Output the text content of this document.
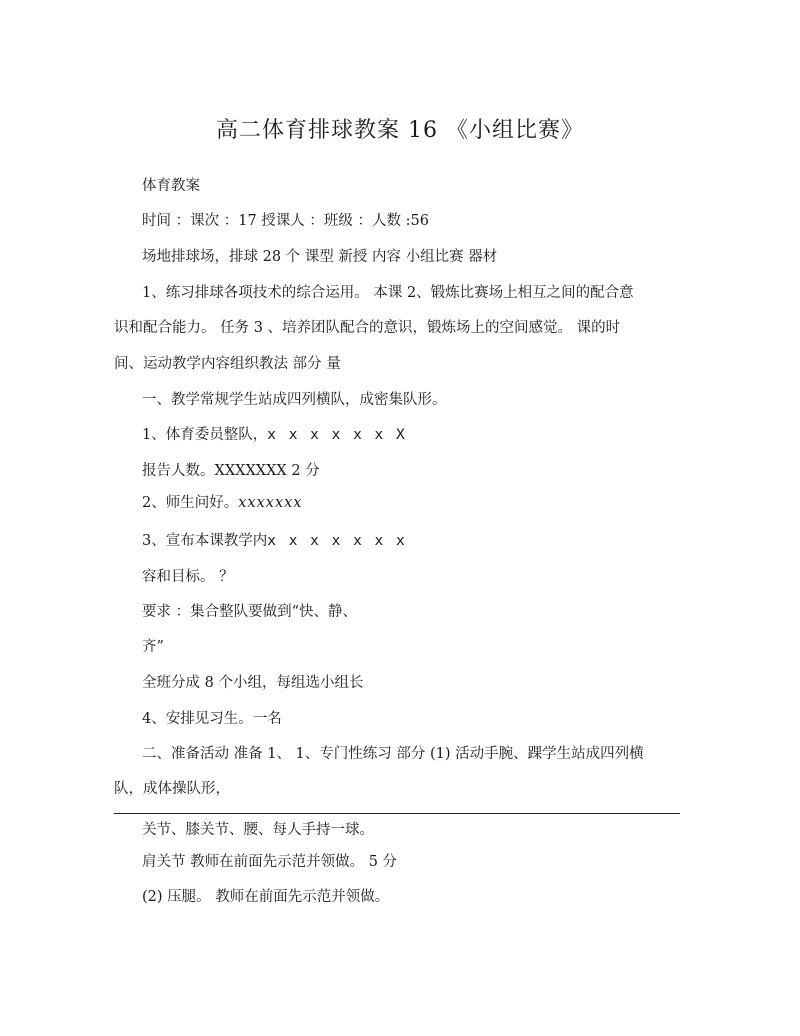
高二体育排球教案 16 《小组比赛》
体育教案
时间 ：课次 ：17 授课人 ：班级 ：人数 :56
场地排球场，排球 28 个 课型 新授 内容 小组比赛 器材
1、练习排球各项技术的综合运用。 本课 2、锻炼比赛场上相互之间的配合意
识和配合能力。 任务 3 、培养团队配合的意识，锻炼场上的空间感觉。 课的时
间、运动教学内容组织教法 部分 量
一、教学常规学生站成四列横队，成密集队形。
1、体育委员整队，x x x x x x X
报告人数。XXXXXXX 2 分
2、师生问好。ⅹⅹⅹⅹⅹⅹⅹ
3、宣布本课教学内x x x x x x x
容和目标。 ？
要求 ：集合整队要做到“快、静、
齐”
全班分成 8 个小组，每组选小组长
4、安排见习生。一名
二、准备活动 准备 1、 1、专门性练习 部分 (1) 活动手腕、踝学生站成四列横
队，成体操队形，
关节、膝关节、腰、每人手持一球。
肩关节 教师在前面先示范并领做。 5 分
(2) 压腿。 教师在前面先示范并领做。
